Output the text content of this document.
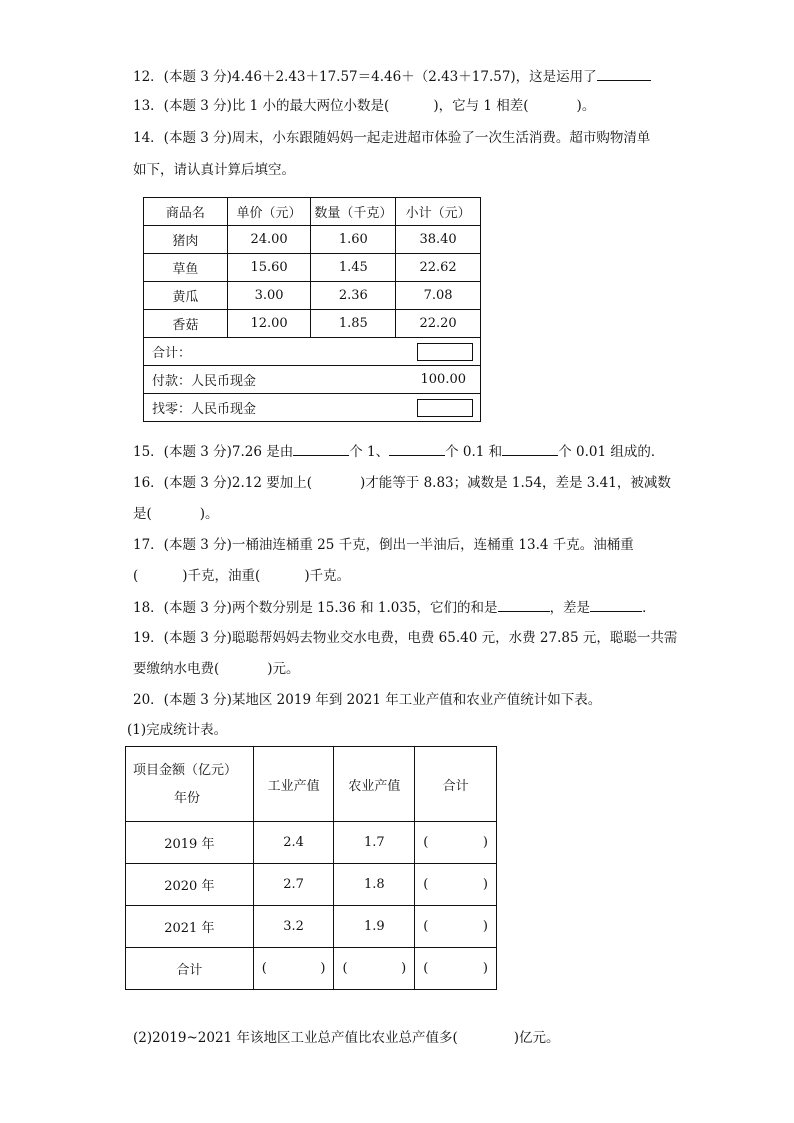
12．(本题 3 分)4.46＋2.43＋17.57＝4.46＋（2.43＋17.57)，这是运用了
13．(本题 3 分)比 1 小的最大两位小数是(	)，它与 1 相差(	)。
14．(本题 3 分)周末，小东跟随妈妈一起走进超市体验了一次生活消费。超市购物清单
如下，请认真计算后填空。
商品名	单价（元）	数量（千克）	小计（元）
猪肉	24.00	1.60	38.40
草鱼	15.60	1.45	22.62
黄瓜	3.00	2.36	7.08
香菇	12.00	1.85	22.20
合计：			

付款：人民币现金 100.00			

找零：人民币现金			
15．(本题 3 分)7.26 是由	个 1、	个 0.1 和	个 0.01 组成的．
16．(本题 3 分)2.12 要加上(	)才能等于 8.83；减数是 1.54，差是 3.41，被减数
是(	)。
17．(本题 3 分)一桶油连桶重 25 千克，倒出一半油后，连桶重 13.4 千克。油桶重
(	)千克，油重(	)千克。
18．(本题 3 分)两个数分别是 15.36 和 1.035，它们的和是	，差是	．
19．(本题 3 分)聪聪帮妈妈去物业交水电费，电费 65.40 元，水费 27.85 元，聪聪一共需
要缴纳水电费(	)元。
20．(本题 3 分)某地区 2019 年到 2021 年工业产值和农业产值统计如下表。
(1)完成统计表。
项目金额（亿元）
年份	工业产值	农业产值	合计
2019 年	2.4	1.7	( )

2020 年	2.7	1.8	( )

2021 年	3.2	1.9	( )

合计	( )	( )	( )
(2)2019~2021 年该地区工业总产值比农业总产值多(	)亿元。
